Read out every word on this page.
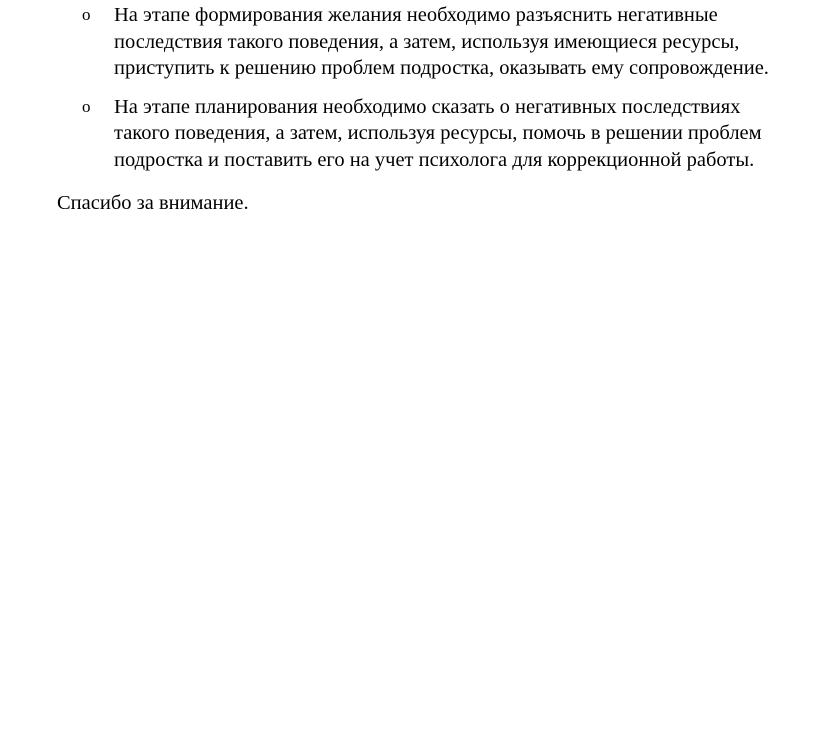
o На этапе формирования желания необходимо разъяснить негативные
последствия такого поведения, а затем, используя имеющиеся ресурсы,
приступить к решению проблем подростка, оказывать ему сопровождение.
o На этапе планирования необходимо сказать о негативных последствиях
такого поведения, а затем, используя ресурсы, помочь в решении проблем
подростка и поставить его на учет психолога для коррекционной работы.

Спасибо за внимание.
